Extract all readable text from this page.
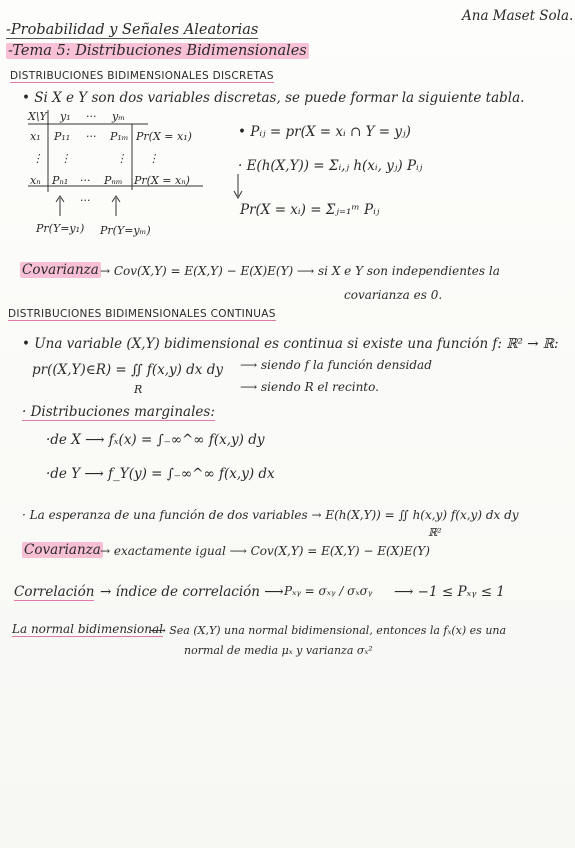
-Probabilidad y Señales Aleatorias
Ana Maset Sola.
-Tema 5: Distribuciones Bidimensionales
DISTRIBUCIONES BIDIMENSIONALES DISCRETAS
• Si X e Y son dos variables discretas, se puede formar la siguiente tabla.
X\Y y₁ ··· yₘ
x₁ P₁₁ ··· P₁ₘ Pr(X = x₁)
⋮ ⋮	⋮ ⋮
xₙ Pₙ₁ ··· Pₙₘ Pr(X = xₙ)
···
Pr(Y=y₁) Pr(Y=yₘ)
• Pᵢⱼ = pr(X = xᵢ ∩ Y = yⱼ)
· E(h(X,Y)) = Σᵢ,ⱼ h(xᵢ, yⱼ) Pᵢⱼ
Pr(X = xᵢ) = Σⱼ₌₁ᵐ Pᵢⱼ
Covarianza → Cov(X,Y) = E(X,Y) − E(X)E(Y) ⟶ si X e Y son independientes la
covarianza es 0.
DISTRIBUCIONES BIDIMENSIONALES CONTINUAS
• Una variable (X,Y) bidimensional es continua si existe una función f: ℝ² → ℝ:
pr((X,Y)∈R) = ∬ f(x,y) dx dy
R
⟶ siendo f la función densidad
⟶ siendo R el recinto.
· Distribuciones marginales:
·de X ⟶ fₓ(x) = ∫₋∞^∞ f(x,y) dy
·de Y ⟶ f_Y(y) = ∫₋∞^∞ f(x,y) dx
· La esperanza de una función de dos variables → E(h(X,Y)) = ∬ h(x,y) f(x,y) dx dy
ℝ²
Covarianza → exactamente igual ⟶ Cov(X,Y) = E(X,Y) − E(X)E(Y)
Correlación → índice de correlación ⟶ Pₓᵧ = σₓᵧ / σₓσᵧ ⟶ −1 ≤ Pₓᵧ ≤ 1
La normal bidimensional
⟶ Sea (X,Y) una normal bidimensional, entonces la fₓ(x) es una
normal de media μₓ y varianza σₓ²
